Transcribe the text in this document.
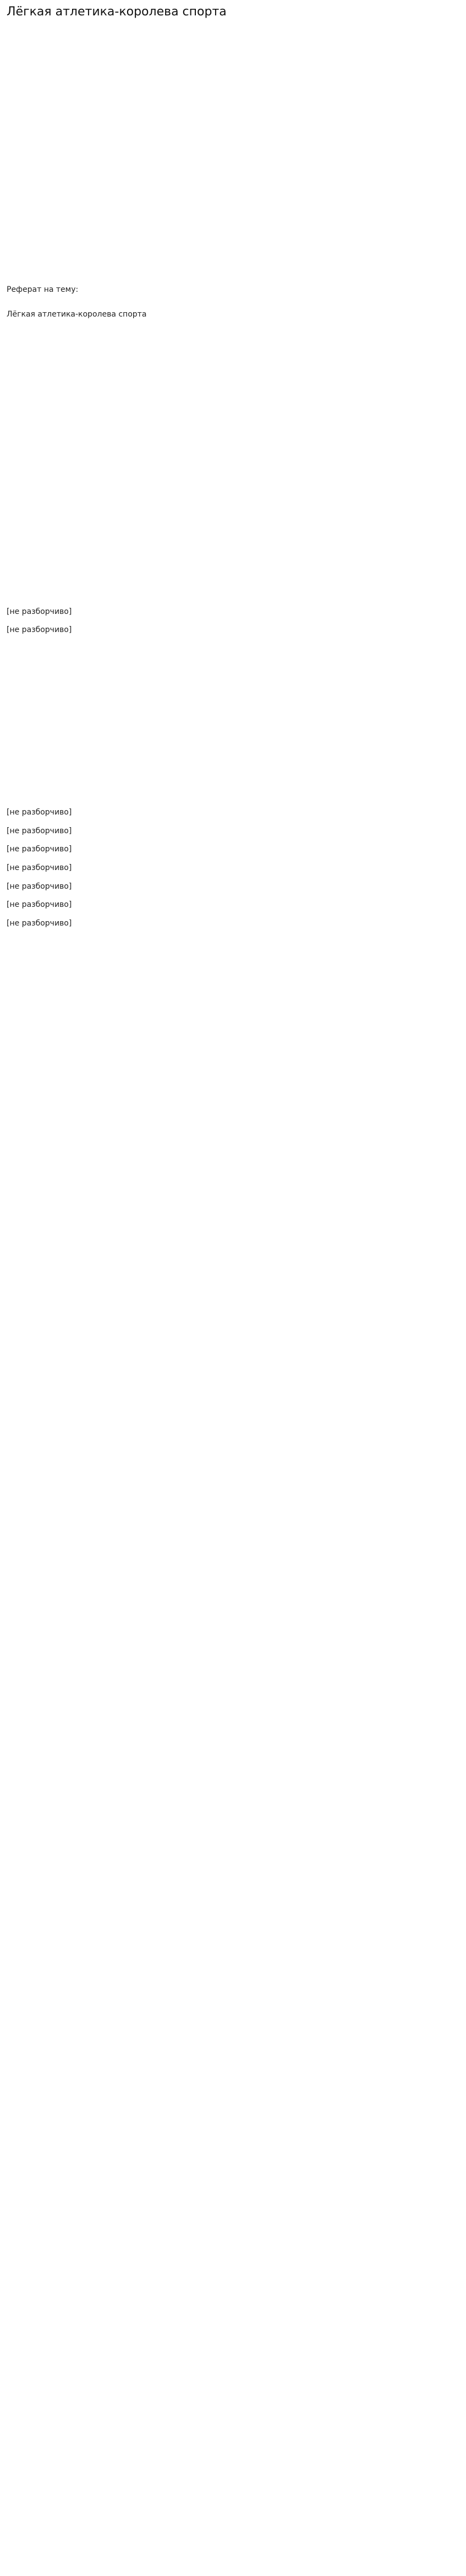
Лёгкая атлетика-королева спорта

Реферат на тему:

Лёгкая атлетика-королева спорта

[не разборчиво]

[не разборчиво]

[не разборчиво]

[не разборчиво]

[не разборчиво]

[не разборчиво]

[не разборчиво]

[не разборчиво]

[не разборчиво]
